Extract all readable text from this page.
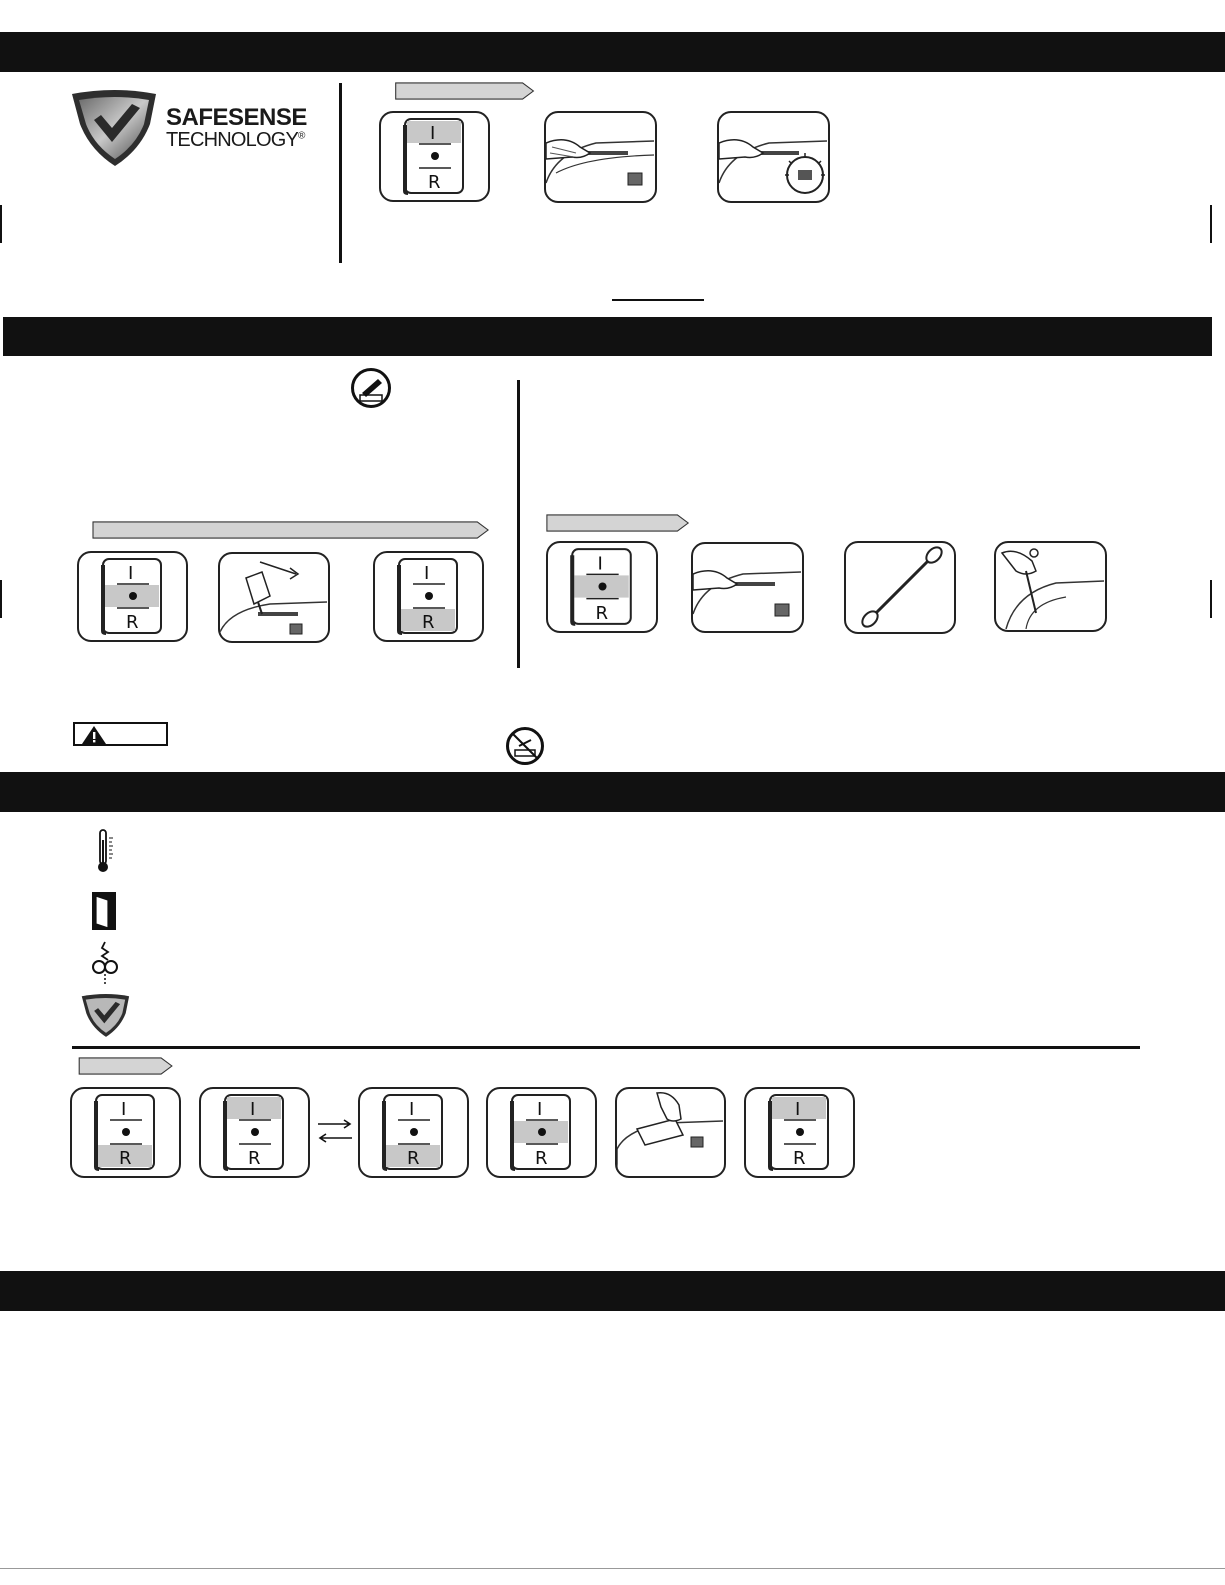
SAFESENSE
TECHNOLOGY®	I
R
I
R
I
R
I
R
I
R
I
R
I
R
I
R
I
R
